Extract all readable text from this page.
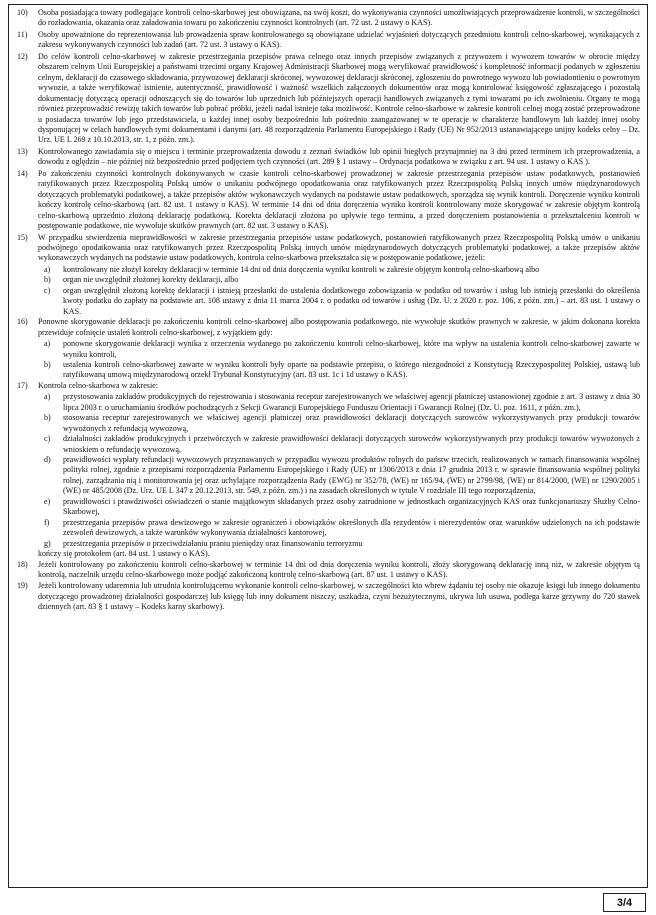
10)	Osoba posiadająca towary podlegające kontroli celno-skarbowej jest obowiązana, na swój koszt, do wykonywania czynności umożliwiających przeprowadzenie kontroli, w szczególności do rozładowania, okazania oraz załadowania towaru po zakończeniu czynności kontrolnych (art. 72 ust. 2 ustawy o KAS).
11)	Osoby upoważnione do reprezentowania lub prowadzenia spraw kontrolowanego są obowiązane udzielać wyjaśnień dotyczących przedmiotu kontroli celno-skarbowej, wynikających z zakresu wykonywanych czynności lub zadań (art. 72 ust. 3 ustawy o KAS).
12)	Do celów kontroli celno-skarbowej w zakresie przestrzegania przepisów prawa celnego oraz innych przepisów związanych z przywozem i wywozem towarów w obrocie między obszarem celnym Unii Europejskiej a państwami trzecimi organy Krajowej Administracji Skarbowej mogą weryfikować prawidłowość i kompletność informacji podanych w zgłoszeniu celnym, deklaracji do czasowego składowania, przywozowej deklaracji skróconej, wywozowej deklaracji skróconej, zgłoszeniu do powrotnego wywozu lub powiadomieniu o powrotnym wywozie, a także weryfikować istnienie, autentyczność, prawidłowość i ważność wszelkich załączonych dokumentów oraz mogą kontrolować księgowość zgłaszającego i pozostałą dokumentację dotyczącą operacji odnoszących się do towarów lub uprzednich lub późniejszych operacji handlowych związanych z tymi towarami po ich zwolnieniu. Organy te mogą również przeprowadzić rewizję takich towarów lub pobrać próbki, jeżeli nadal istnieje taka możliwość. Kontrole celno-skarbowe w zakresie kontroli celnej mogą zostać przeprowadzone u posiadacza towarów lub jego przedstawiciela, u każdej innej osoby bezpośrednio lub pośrednio zaangażowanej w te operacje w charakterze handlowym lub każdej innej osoby dysponującej w celach handlowych tymi dokumentami i danymi (art. 48 rozporządzenia Parlamentu Europejskiego i Rady (UE) Nr 952/2013 ustanawiającego unijny kodeks celny – Dz. Urz. UE L 269 z 10.10.2013, str. 1, z późn. zm.).
13)	Kontrolowanego zawiadamia się o miejscu i terminie przeprowadzenia dowodu z zeznań świadków lub opinii biegłych przynajmniej na 3 dni przed terminem ich przeprowadzenia, a dowodu z oględzin – nie później niż bezpośrednio przed podjęciem tych czynności (art. 289 § 1 ustawy – Ordynacja podatkowa w związku z art. 94 ust. 1 ustawy o KAS ).
14)	Po zakończeniu czynności kontrolnych dokonywanych w czasie kontroli celno-skarbowej prowadzonej w zakresie przestrzegania przepisów ustaw podatkowych, postanowień ratyfikowanych przez Rzeczpospolitą Polską umów o unikaniu podwójnego opodatkowania oraz ratyfikowanych przez Rzeczpospolitą Polską innych umów międzynarodowych dotyczących problematyki podatkowej, a także przepisów aktów wykonawczych wydanych na podstawie ustaw podatkowych, sporządza się wynik kontroli. Doręczenie wyniku kontroli kończy kontrolę celno-skarbową (art. 82 ust. 1 ustawy o KAS). W terminie 14 dni od dnia doręczenia wyniku kontroli kontrolowany może skorygować w zakresie objętym kontrolą celno-skarbową uprzednio złożoną deklarację podatkową. Korekta deklaracji złożona po upływie tego terminu, a przed doręczeniem postanowienia o przekształceniu kontroli w postępowanie podatkowe, nie wywołuje skutków prawnych (art. 82 ust. 3 ustawy o KAS).
15)	W przypadku stwierdzenia nieprawidłowości w zakresie przestrzegania przepisów ustaw podatkowych, postanowień ratyfikowanych przez Rzeczpospolitą Polską umów o unikaniu podwójnego opodatkowania oraz ratyfikowanych przez Rzeczpospolitą Polską innych umów międzynarodowych dotyczących problematyki podatkowej, a także przepisów aktów wykonawczych wydanych na podstawie ustaw podatkowych, kontrola celno-skarbowa przekształca się w postępowanie podatkowe, jeżeli:
a)	kontrolowany nie złożył korekty deklaracji w terminie 14 dni od dnia doręczenia wyniku kontroli w zakresie objętym kontrolą celno-skarbową albo
b)	organ nie uwzględnił złożonej korekty deklaracji, albo
c)	organ uwzględnił złożoną korektę deklaracji i istnieją przesłanki do ustalenia dodatkowego zobowiązania w podatku od towarów i usług lub istnieją przesłanki do określenia kwoty podatku do zapłaty na podstawie art. 108 ustawy z dnia 11 marca 2004 r. o podatku od towarów i usług (Dz. U. z 2020 r. poz. 106, z późn. zm.) – art. 83 ust. 1 ustawy o KAS.
16)	Ponowne skorygowanie deklaracji po zakończeniu kontroli celno-skarbowej albo postępowania podatkowego, nie wywołuje skutków prawnych w zakresie, w jakim dokonana korekta przewiduje cofnięcie ustaleń kontroli celno-skarbowej, z wyjątkiem gdy:
a)	ponowne skorygowanie deklaracji wynika z orzeczenia wydanego po zakończeniu kontroli celno-skarbowej, które ma wpływ na ustalenia kontroli celno-skarbowej zawarte w wyniku kontroli,
b)	ustalenia kontroli celno-skarbowej zawarte w wyniku kontroli były oparte na podstawie przepisu, o którego niezgodności z Konstytucją Rzeczypospolitej Polskiej, ustawą lub ratyfikowaną umową międzynarodową orzekł Trybunał Konstytucyjny (art. 83 ust. 1c i 1d ustawy o KAS).
17)	Kontrola celno-skarbowa w zakresie:
a)	przystosowania zakładów produkcyjnych do rejestrowania i stosowania receptur zarejestrowanych we właściwej agencji płatniczej ustanowionej zgodnie z art. 3 ustawy z dnia 30 lipca 2003 r. o uruchamianiu środków pochodzących z Sekcji Gwarancji Europejskiego Funduszu Orientacji i Gwarancji Rolnej (Dz. U. poz. 1611, z późn. zm.),
b)	stosowania receptur zarejestrowanych we właściwej agencji płatniczej oraz prawidłowości deklaracji dotyczących surowców wykorzystywanych przy produkcji towarów wywożonych z refundacją wywozową,
c)	działalności zakładów produkcyjnych i przetwórczych w zakresie prawidłowości deklaracji dotyczących surowców wykorzystywanych przy produkcji towarów wywożonych z wnioskiem o refundację wywozową,
d)	prawidłowości wypłaty refundacji wywozowych przyznawanych w przypadku wywozu produktów rolnych do państw trzecich, realizowanych w ramach finansowania wspólnej polityki rolnej, zgodnie z przepisami rozporządzenia Parlamentu Europejskiego i Rady (UE) nr 1306/2013 z dnia 17 grudnia 2013 r. w sprawie finansowania wspólnej polityki rolnej, zarządzania nią i monitorowania jej oraz uchylające rozporządzenia Rady (EWG) nr 352/78, (WE) nr 165/94, (WE) nr 2799/98, (WE) nr 814/2000, (WE) nr 1290/2005 i (WE) nr 485/2008 (Dz. Urz. UE L 347 z 20.12.2013, str. 549, z późn. zm.) i na zasadach określonych w tytule V rozdziale III tego rozporządzenia,
e)	prawidłowości i prawdziwości oświadczeń o stanie majątkowym składanych przez osoby zatrudnione w jednostkach organizacyjnych KAS oraz funkcjonariuszy Służby Celno-Skarbowej,
f)	przestrzegania przepisów prawa dewizowego w zakresie ograniczeń i obowiązków określonych dla rezydentów i nierezydentów oraz warunków udzielonych na ich podstawie zezwoleń dewizowych, a także warunków wykonywania działalności kantorowej,
g)	przestrzegania przepisów o przeciwdziałaniu praniu pieniędzy oraz finansowaniu terroryzmu
kończy się protokołem (art. 84 ust. 1 ustawy o KAS).
18)	Jeżeli kontrolowany po zakończeniu kontroli celno-skarbowej w terminie 14 dni od dnia doręczenia wyniku kontroli, złoży skorygowaną deklarację inną niż, w zakresie objętym tą kontrolą, naczelnik urzędu celno-skarbowego może podjąć zakończoną kontrolę celno-skarbową (art. 87 ust. 1 ustawy o KAS).
19)	Jeżeli kontrolowany udaremnia lub utrudnia kontrolującemu wykonanie kontroli celno-skarbowej, w szczególności kto wbrew żądaniu tej osoby nie okazuje księgi lub innego dokumentu dotyczącego prowadzonej działalności gospodarczej lub księgę lub inny dokument niszczy, uszkadza, czyni bezużytecznymi, ukrywa lub usuwa, podlega karze grzywny do 720 stawek dziennych (art. 83 § 1 ustawy – Kodeks karny skarbowy).
3/4
